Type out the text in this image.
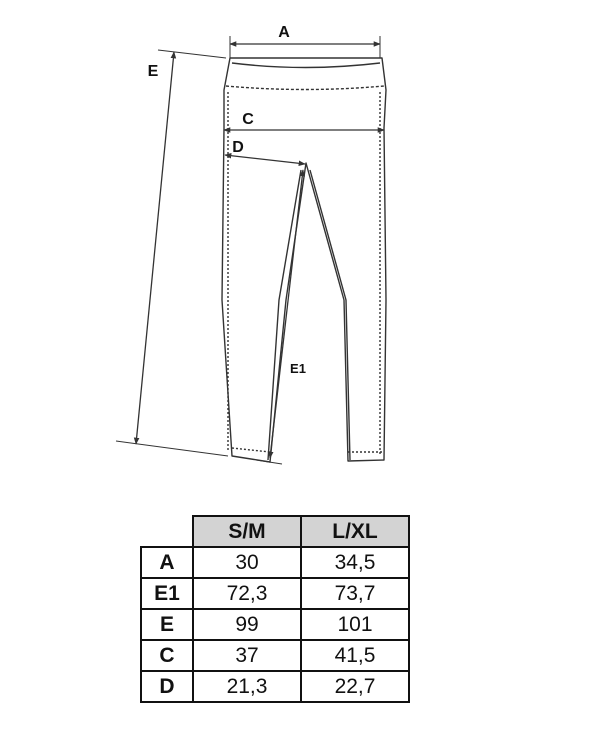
A
C
D
E
E1
	S/M	L/XL
A	30	34,5
E1	72,3	73,7
E	99	101
C	37	41,5
D	21,3	22,7
